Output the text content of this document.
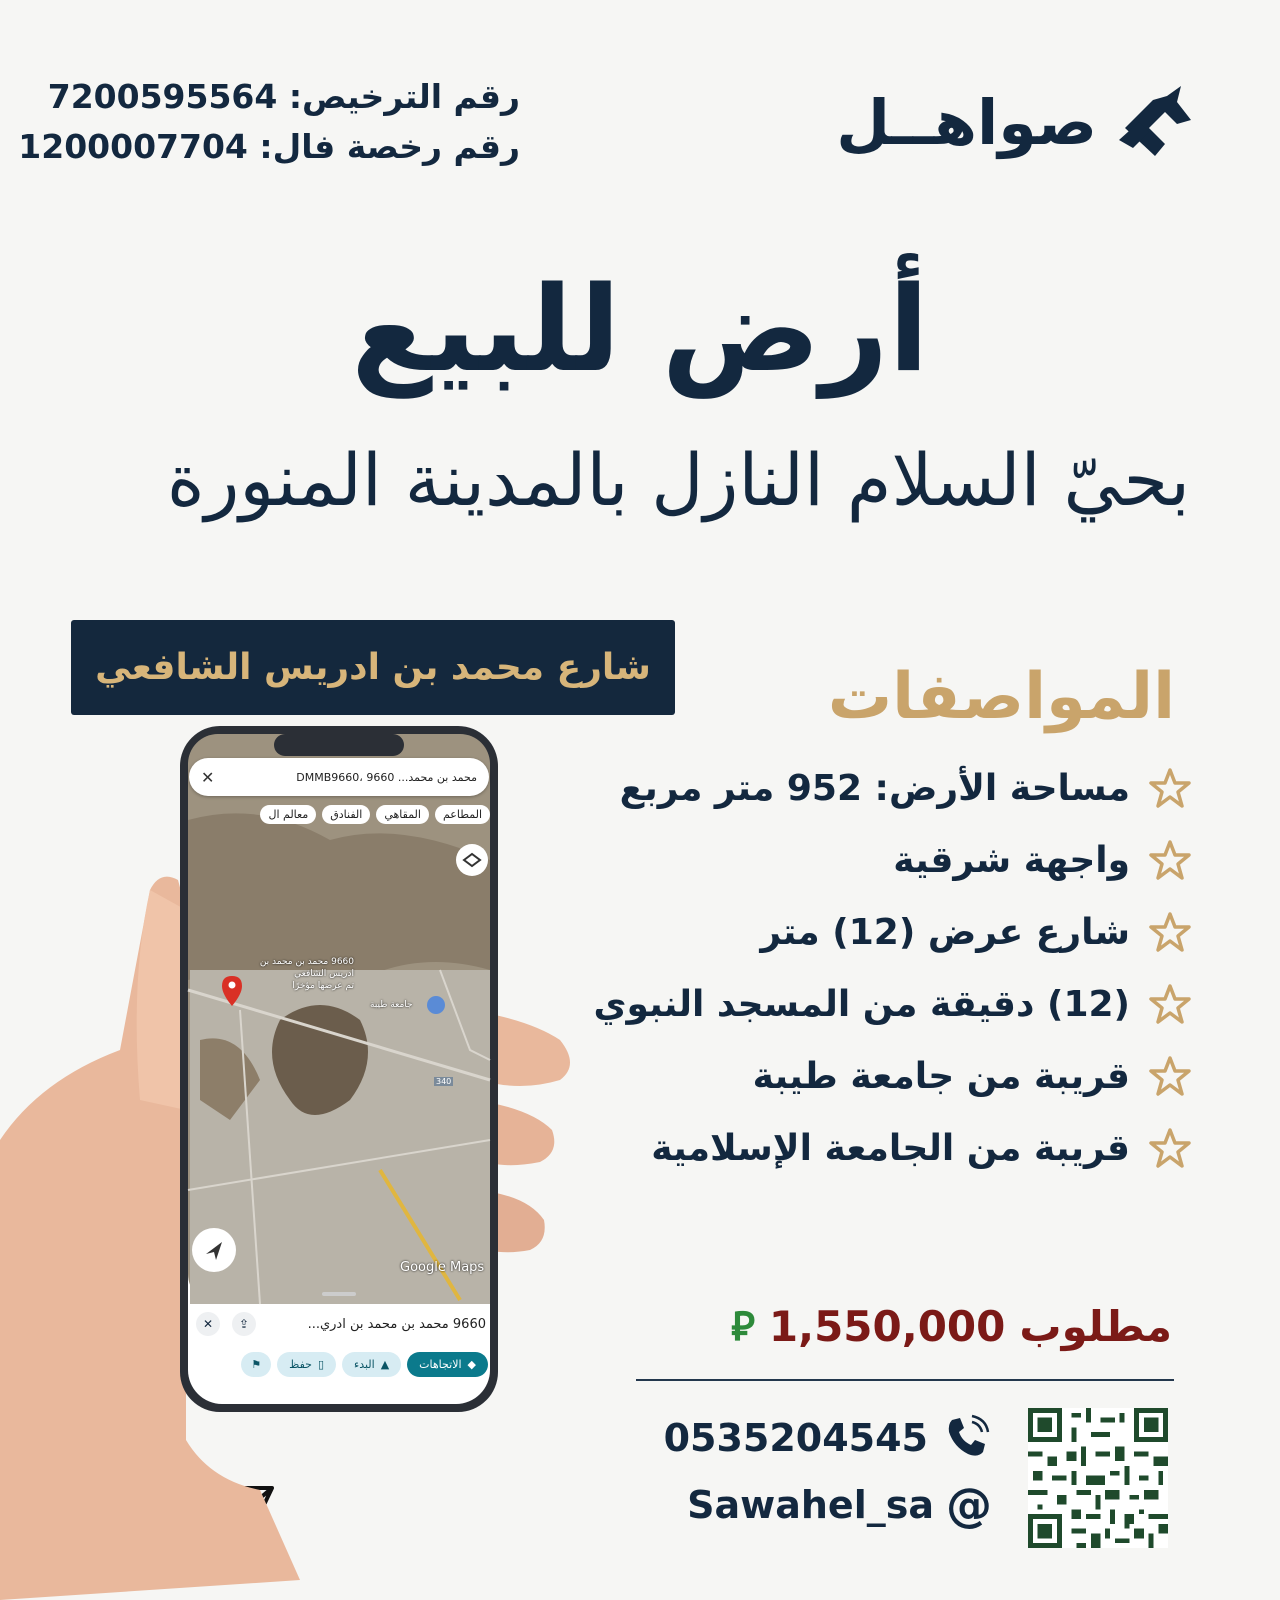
رقم الترخيص: 7200595564
رقم رخصة فال: 1200007704	صواهــل
أرض للبيع
بحيّ السلام النازل بالمدينة المنورة
شارع محمد بن ادريس الشافعي	المواصفات
مساحة الأرض: 952 متر مربع
واجهة شرقية
شارع عرض (12) متر
(12) دقيقة من المسجد النبوي
قريبة من جامعة طيبة
قريبة من الجامعة الإسلامية
مطلوب
1,550,000
⃁
0535204545
Sawahel_sa @
✕	محمد بن محمد... 9660 ،DMMB9660
المطاعم
المقاهي
الفنادق
معالم ال
9660 محمد بن محمد بن ادريس الشافعي
تم عرضها مؤخرًا
جامعة طيبة
340
Google Maps
✕	⇪	9660 محمد بن محمد بن ادري...
◆
الاتجاهات
▲
البدء
▯
حفظ
⚑
